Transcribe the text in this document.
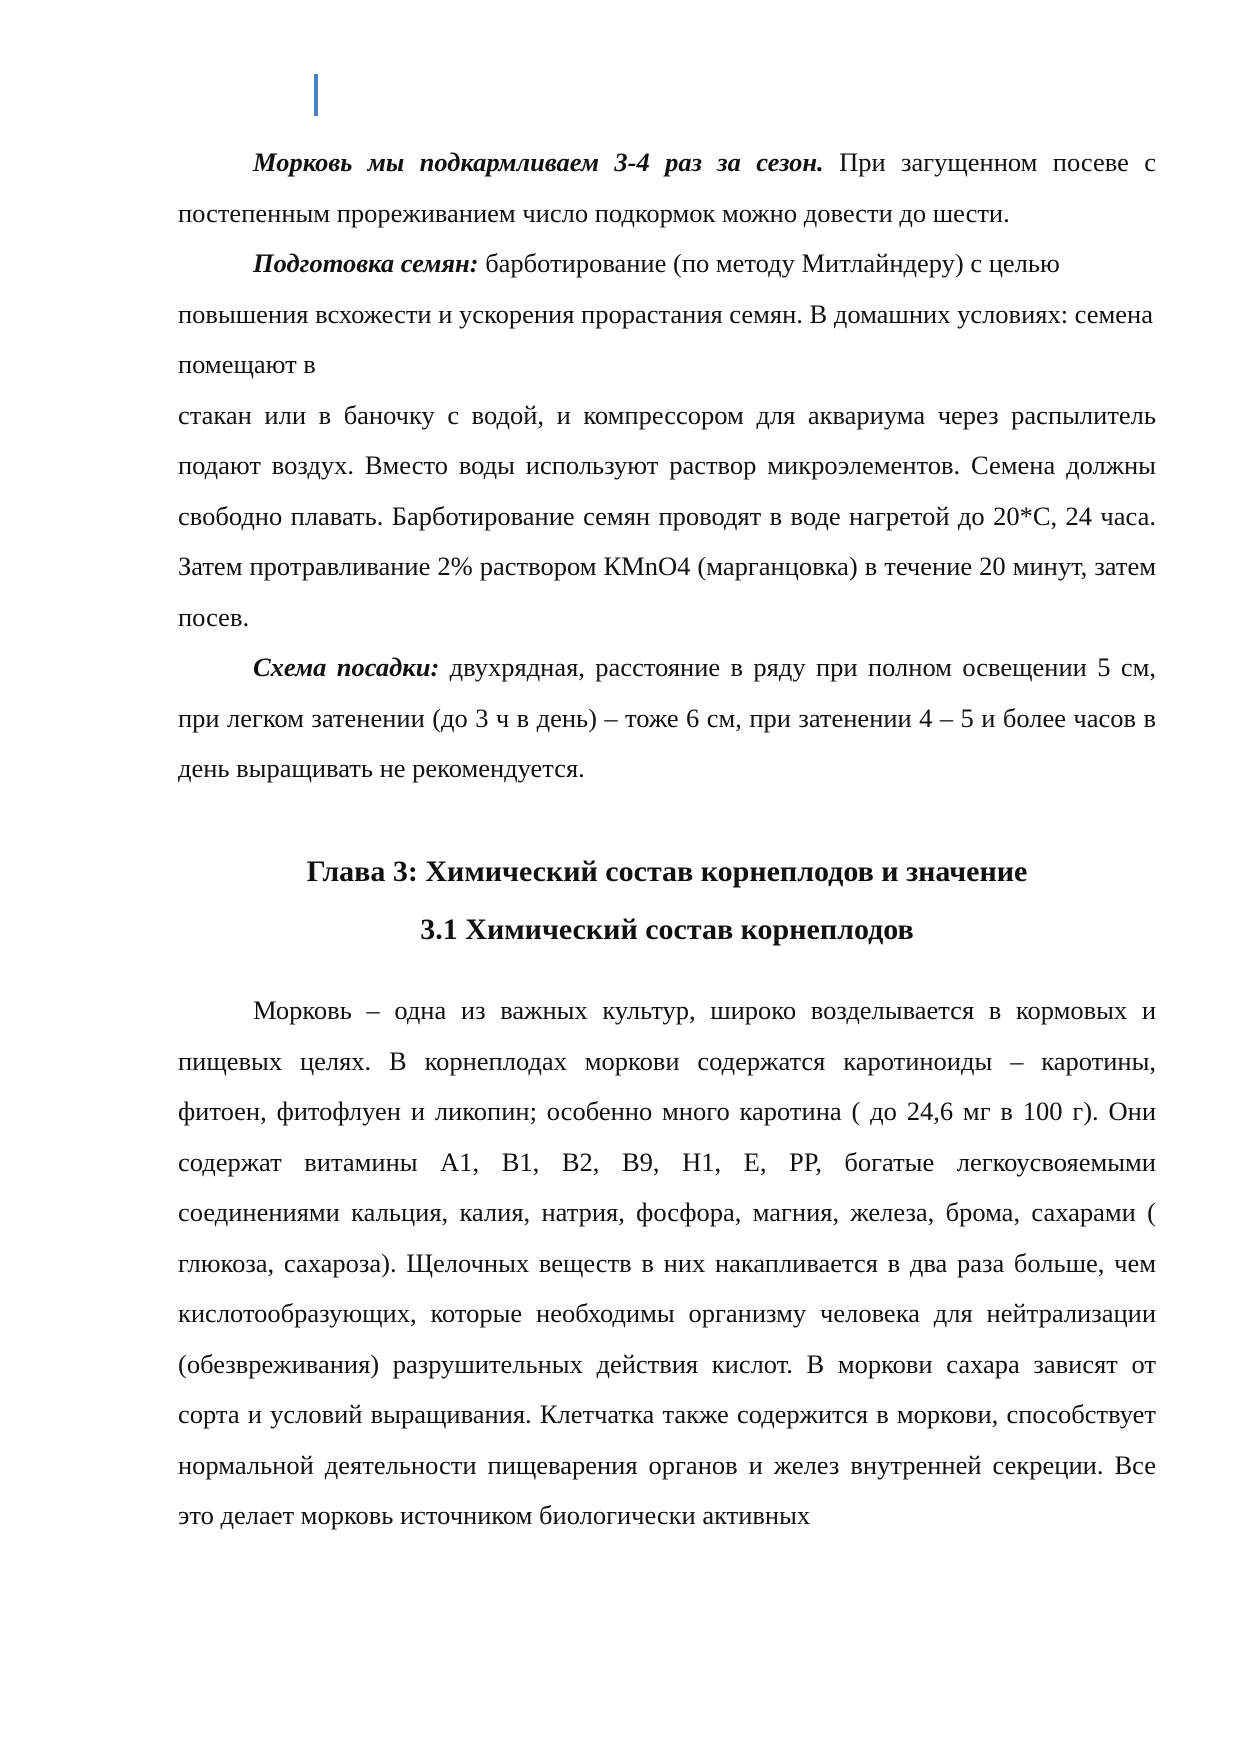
Морковь мы подкармливаем 3-4 раз за сезон. При загущенном посеве с постепенным прореживанием число подкормок можно довести до шести.

Подготовка семян: барботирование (по методу Митлайндеру) с целью повышения всхожести и ускорения прорастания семян. В домашних условиях: семена помещают в

стакан или в баночку с водой, и компрессором для аквариума через распылитель подают воздух. Вместо воды используют раствор микроэлементов. Семена должны свободно плавать. Барботирование семян проводят в воде нагретой до 20*С, 24 часа. Затем протравливание 2% раствором КМnO4 (марганцовка) в течение 20 минут, затем посев.

Схема посадки: двухрядная, расстояние в ряду при полном освещении 5 см, при легком затенении (до 3 ч в день) – тоже 6 см, при затенении 4 – 5 и более часов в день выращивать не рекомендуется.

Глава 3: Химический состав корнеплодов и значение
3.1 Химический состав корнеплодов

Морковь – одна из важных культур, широко возделывается в кормовых и пищевых целях. В корнеплодах моркови содержатся каротиноиды – каротины, фитоен, фитофлуен и ликопин; особенно много каротина ( до 24,6 мг в 100 г). Они содержат витамины А1, В1, В2, В9, Н1, Е, РР, богатые легкоусвояемыми соединениями кальция, калия, натрия, фосфора, магния, железа, брома, сахарами ( глюкоза, сахароза). Щелочных веществ в них накапливается в два раза больше, чем кислотообразующих, которые необходимы организму человека для нейтрализации (обезвреживания) разрушительных действия кислот. В моркови сахара зависят от сорта и условий выращивания. Клетчатка также содержится в моркови, способствует нормальной деятельности пищеварения органов и желез внутренней секреции. Все это делает морковь источником биологически активных
